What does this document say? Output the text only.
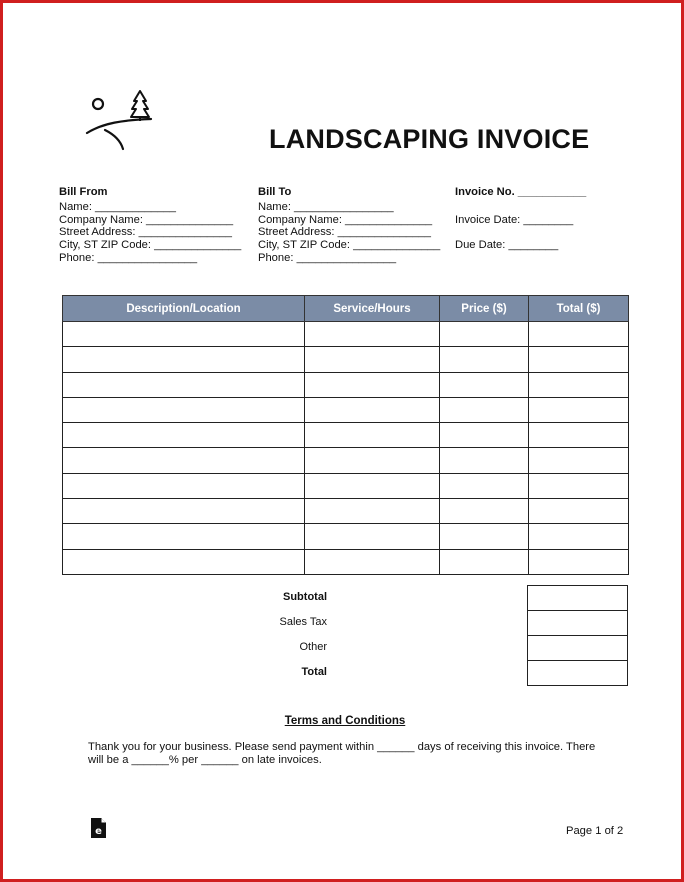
LANDSCAPING INVOICE
Bill From
Name: _____________
Company Name: ______________
Street Address: _______________
City, ST ZIP Code: ______________
Phone: ________________
Bill To
Name: ________________
Company Name: ______________
Street Address: _______________
City, ST ZIP Code: ______________
Phone: ________________
Invoice No. ___________
Invoice Date: ________
Due Date: ________
Description/Location	Service/Hours	Price ($)	Total ($)

Subtotal
Sales Tax
Other
Total
Terms and Conditions
Thank you for your business. Please send payment within ______ days of receiving this invoice. There will be a ______% per ______ on late invoices.
e	Page 1 of 2
